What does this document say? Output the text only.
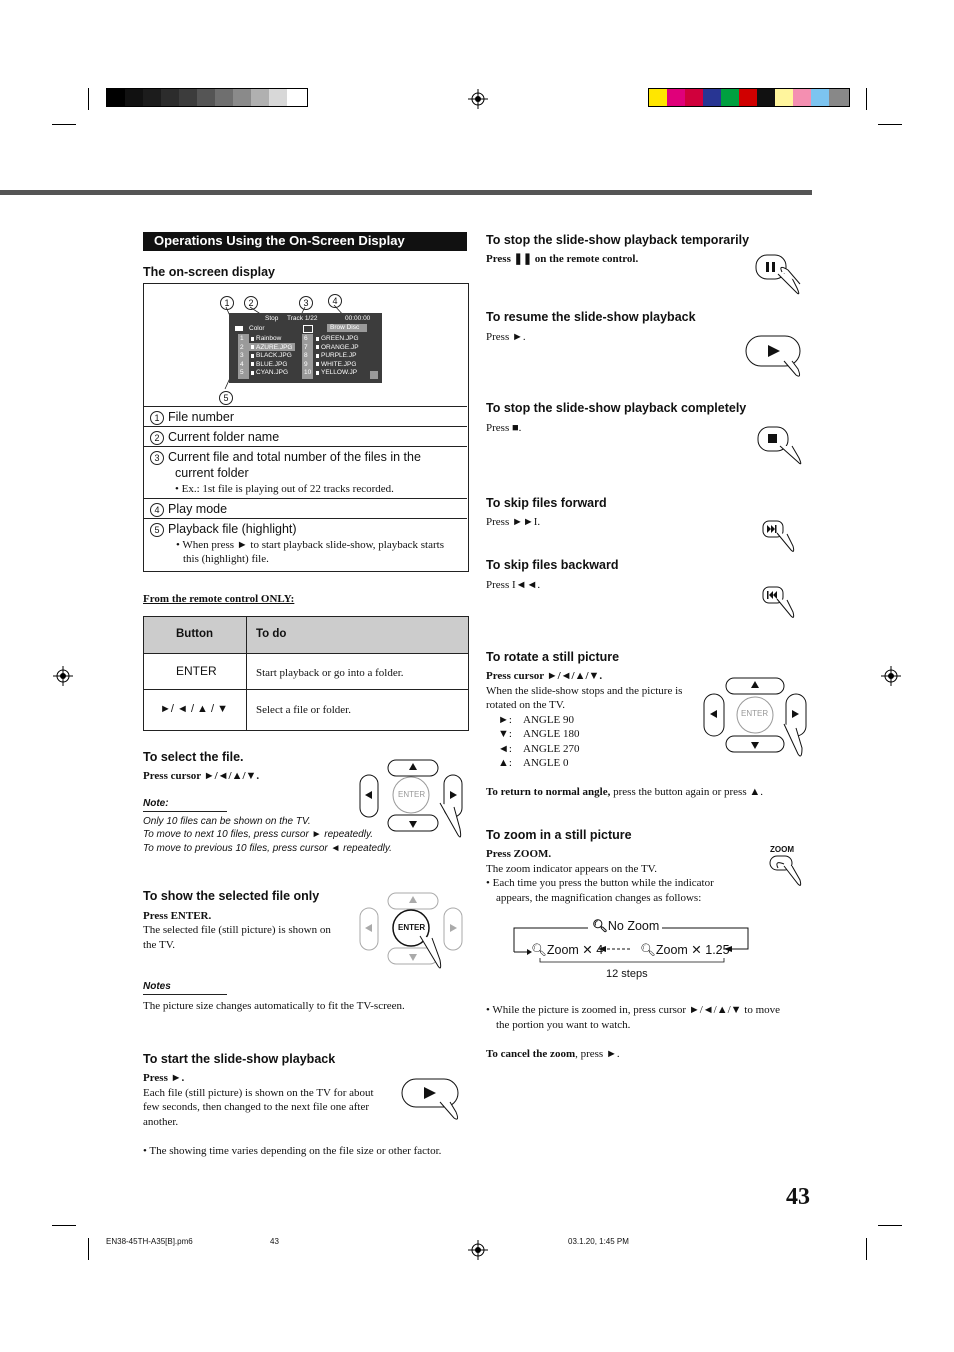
Operations Using the On-Screen Display
The on-screen display
1	2	3	4
5
Stop Track 1/22	00:00:00
Color	Brow Disc
1 Rainbow
2 AZURE.JPG
3 BLACK.JPG
4 BLUE.JPG
5 CYAN.JPG
6 GREEN.JPG
7 ORANGE.JP
8 PURPLE.JP
9 WHITE.JPG
10 YELLOW.JP
1 File number
2 Current folder name
3 Current file and total number of the files in the
current folder
• Ex.: 1st file is playing out of 22 tracks recorded.
4 Play mode
5 Playback file (highlight)
• When press ► to start playback slide-show, playback starts
this (highlight) file.
From the remote control ONLY:
Button	To do
ENTER	Start playback or go into a folder.
►/ ◄ / ▲ / ▼	Select a file or folder.
To select the file.
Press cursor ►/◄/▲/▼.
Note:
Only 10 files can be shown on the TV.
To move to next 10 files, press cursor ► repeatedly.
To move to previous 10 files, press cursor ◄ repeatedly.
To show the selected file only
Press ENTER.
The selected file (still picture) is shown on
the TV.
Notes
The picture size changes automatically to fit the TV-screen.
To start the slide-show playback
Press ►.
Each file (still picture) is shown on the TV for about
few seconds, then changed to the next file one after
another.
• The showing time varies depending on the file size or other factor.
To stop the slide-show playback temporarily
Press ❚❚ on the remote control.
To resume the slide-show playback
Press ►.
To stop the slide-show playback completely
Press ■.
To skip files forward
Press ►►I.
To skip files backward
Press I◄◄.
To rotate a still picture
Press cursor ►/◄/▲/▼.
When the slide-show stops and the picture is
rotated on the TV.
►: ANGLE 90
▼: ANGLE 180
◄: ANGLE 270
▲: ANGLE 0
To return to normal angle, press the button again or press ▲.
To zoom in a still picture
Press ZOOM.
The zoom indicator appears on the TV.
• Each time you press the button while the indicator
appears, the magnification changes as follows:
🔍︎No Zoom
🔍︎Zoom ✕ 4	🔍︎Zoom ✕ 1.25
12 steps
• While the picture is zoomed in, press cursor ►/◄/▲/▼ to move
the portion you want to watch.
To cancel the zoom, press ►.
ENTER
ENTER
ENTER
ZOOM
43
EN38-45TH-A35[B].pm6	43	03.1.20, 1:45 PM
